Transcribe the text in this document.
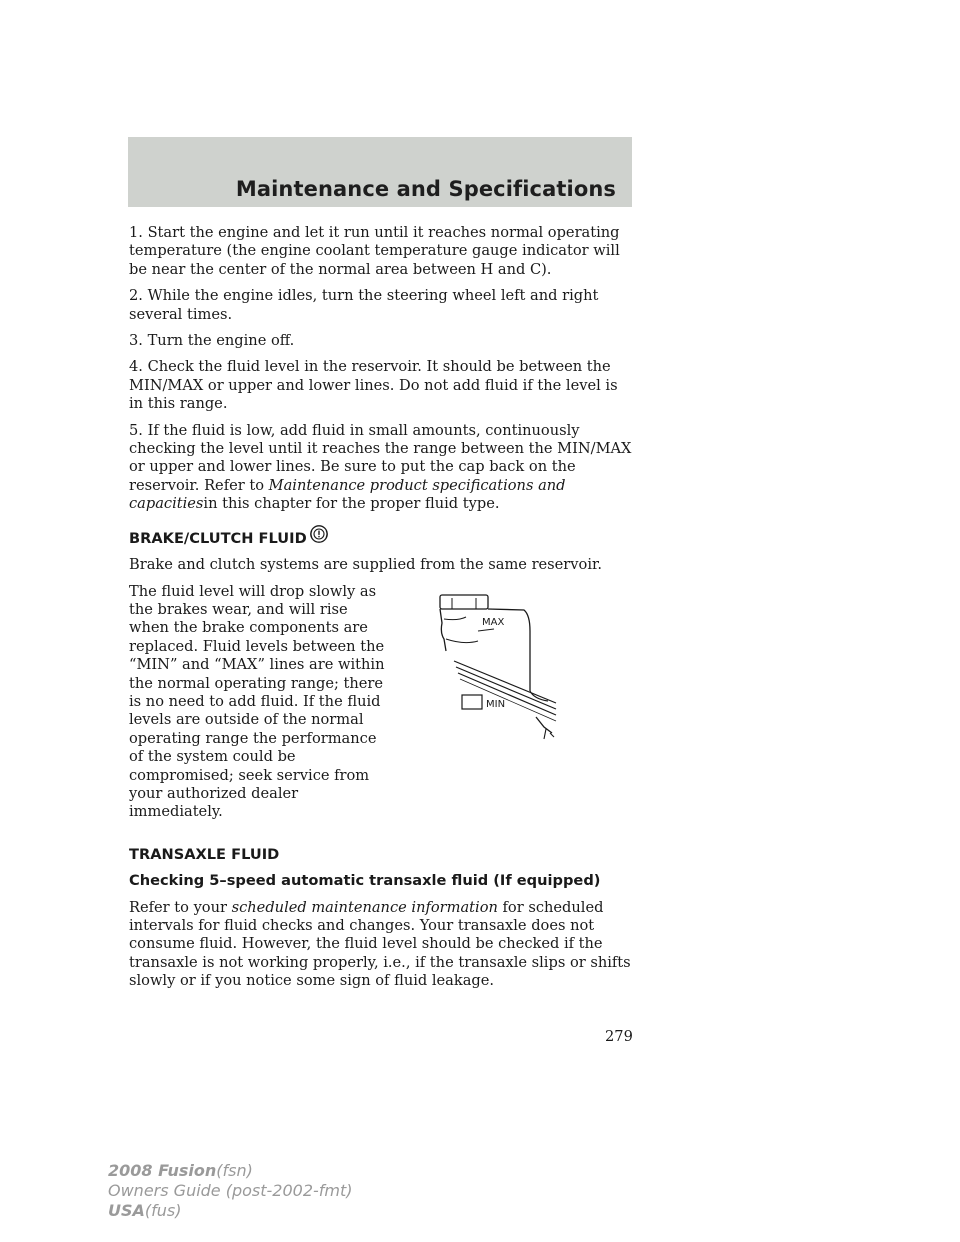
Maintenance and Specifications

1. Start the engine and let it run until it reaches normal operating temperature (the engine coolant temperature gauge indicator will be near the center of the normal area between H and C).

2. While the engine idles, turn the steering wheel left and right several times.

3. Turn the engine off.

4. Check the fluid level in the reservoir. It should be between the MIN/MAX or upper and lower lines. Do not add fluid if the level is in this range.

5. If the fluid is low, add fluid in small amounts, continuously checking the level until it reaches the range between the MIN/MAX or upper and lower lines. Be sure to put the cap back on the reservoir. Refer to Maintenance product specifications and capacitiesin this chapter for the proper fluid type.

BRAKE/CLUTCH FLUID

Brake and clutch systems are supplied from the same reservoir.

The fluid level will drop slowly as the brakes wear, and will rise when the brake components are replaced. Fluid levels between the “MIN” and “MAX” lines are within the normal operating range; there is no need to add fluid. If the fluid levels are outside of the normal operating range the performance of the system could be compromised; seek service from your authorized dealer immediately.

MAX
MIN
TRANSAXLE FLUID
Checking 5–speed automatic transaxle fluid (If equipped)

Refer to your scheduled maintenance information for scheduled intervals for fluid checks and changes. Your transaxle does not consume fluid. However, the fluid level should be checked if the transaxle is not working properly, i.e., if the transaxle slips or shifts slowly or if you notice some sign of fluid leakage.

279
2008 Fusion(fsn)
Owners Guide (post-2002-fmt)
USA(fus)
